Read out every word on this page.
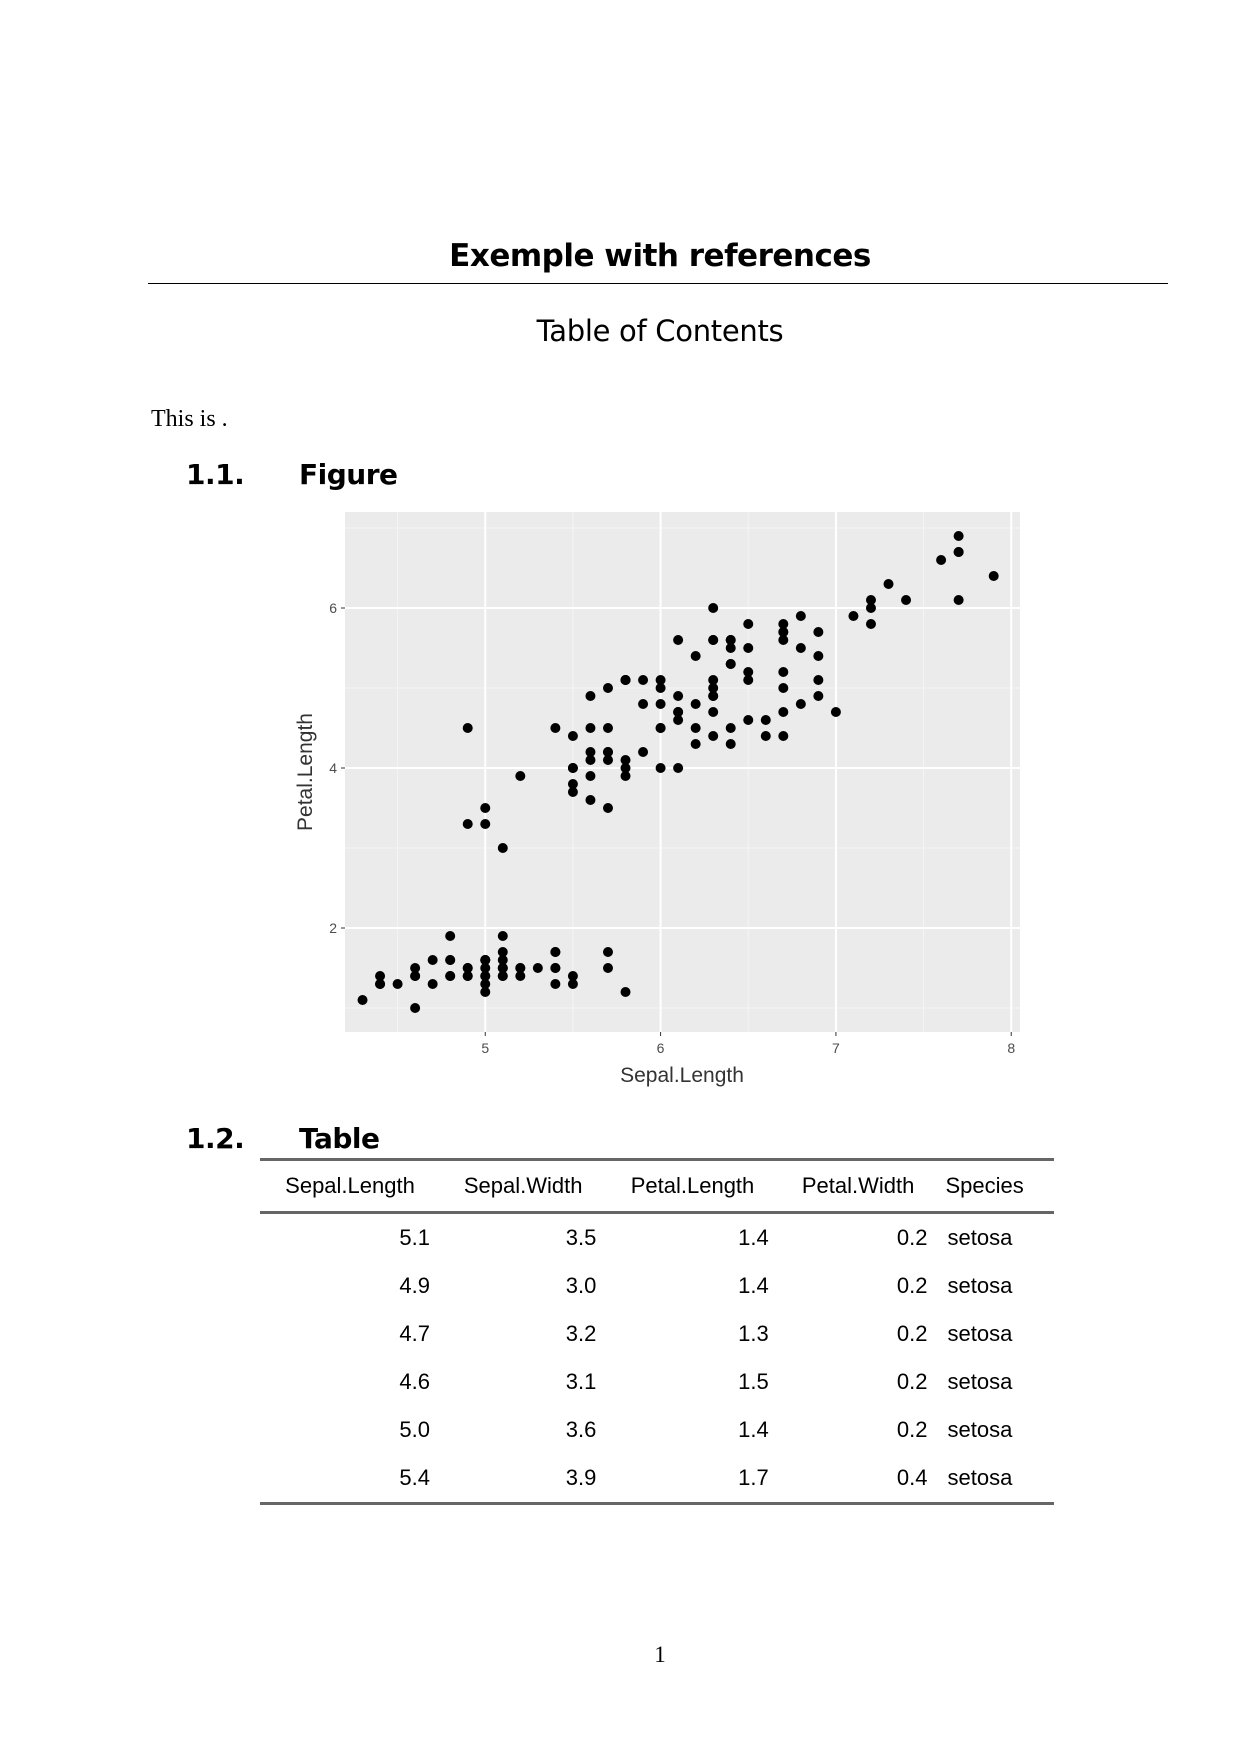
Exemple with references
Table of Contents
This is .
1.1. Figure
5	6	7	8
2
4
6
Sepal.Length
Petal.Length
1.2. Table
Sepal.Length	Sepal.Width	Petal.Length	Petal.Width	Species
5.1	3.5	1.4	0.2	setosa
4.9	3.0	1.4	0.2	setosa
4.7	3.2	1.3	0.2	setosa
4.6	3.1	1.5	0.2	setosa
5.0	3.6	1.4	0.2	setosa
5.4	3.9	1.7	0.4	setosa
1
